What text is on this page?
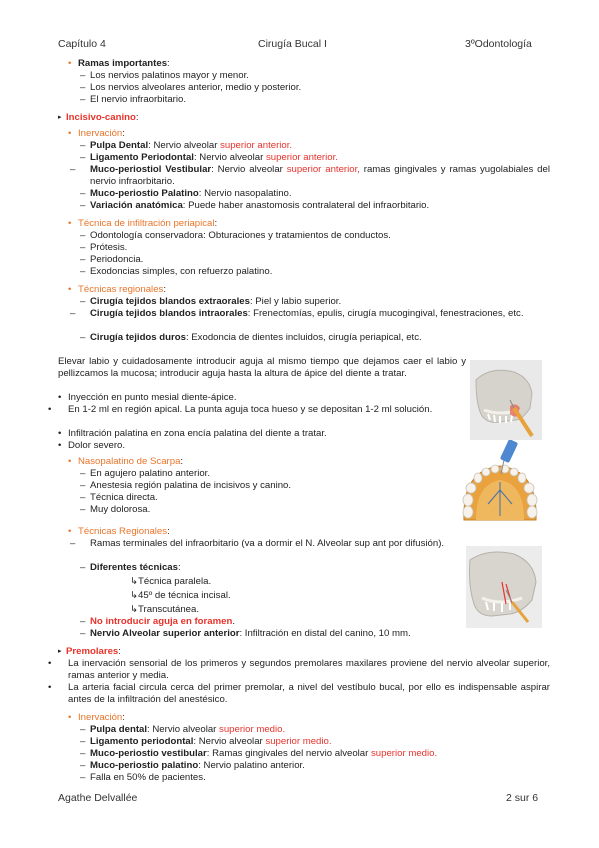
Capítulo 4	Cirugía Bucal I	3ºOdontología
• Ramas importantes:
– Los nervios palatinos mayor y menor.
– Los nervios alveolares anterior, medio y posterior.
– El nervio infraorbitario.
▸ Incisivo-canino:
• Inervación:
– Pulpa Dental: Nervio alveolar superior anterior.
– Ligamento Periodontal: Nervio alveolar superior anterior.
– Muco-periostiol Vestibular: Nervio alveolar superior anterior, ramas gingivales y ramas yugolabiales del nervio infraorbitario.
– Muco-periostio Palatino: Nervio nasopalatino.
– Variación anatómica: Puede haber anastomosis contralateral del infraorbitario.
• Técnica de infiltración periapical:
– Odontología conservadora: Obturaciones y tratamientos de conductos.
– Prótesis.
– Periodoncia.
– Exodoncias simples, con refuerzo palatino.
• Técnicas regionales:
– Cirugía tejidos blandos extraorales: Piel y labio superior.
– Cirugía tejidos blandos intraorales: Frenectomías, epulis, cirugía mucogingival, fenestraciones, etc.
– Cirugía tejidos duros: Exodoncia de dientes incluidos, cirugía periapical, etc.
Elevar labio y cuidadosamente introducir aguja al mismo tiempo que dejamos caer el labio y pellizcamos la mucosa; introducir aguja hasta la altura de ápice del diente a tratar.
• Inyección en punto mesial diente-ápice.
• En 1-2 ml en región apical. La punta aguja toca hueso y se depositan 1-2 ml solución.
• Infiltración palatina en zona encía palatina del diente a tratar.
• Dolor severo.
• Nasopalatino de Scarpa:
– En agujero palatino anterior.
– Anestesia región palatina de incisivos y canino.
– Técnica directa.
– Muy dolorosa.
• Técnicas Regionales:
– Ramas terminales del infraorbitario (va a dormir el N. Alveolar sup ant por difusión).
– Diferentes técnicas:
↳Técnica paralela.
↳45º de técnica incisal.
↳Transcutánea.
– No introducir aguja en foramen.
– Nervio Alveolar superior anterior: Infiltración en distal del canino, 10 mm.
▸ Premolares:
• La inervación sensorial de los primeros y segundos premolares maxilares proviene del nervio alveolar superior, ramas anterior y media.
• La arteria facial circula cerca del primer premolar, a nivel del vestíbulo bucal, por ello es indispensable aspirar antes de la infiltración del anestésico.
• Inervación:
– Pulpa dental: Nervio alveolar superior medio.
– Ligamento periodontal: Nervio alveolar superior medio.
– Muco-periostio vestibular: Ramas gingivales del nervio alveolar superior medio.
– Muco-periostio palatino: Nervio palatino anterior.
– Falla en 50% de pacientes.
Agathe Delvallée	2 sur 6
